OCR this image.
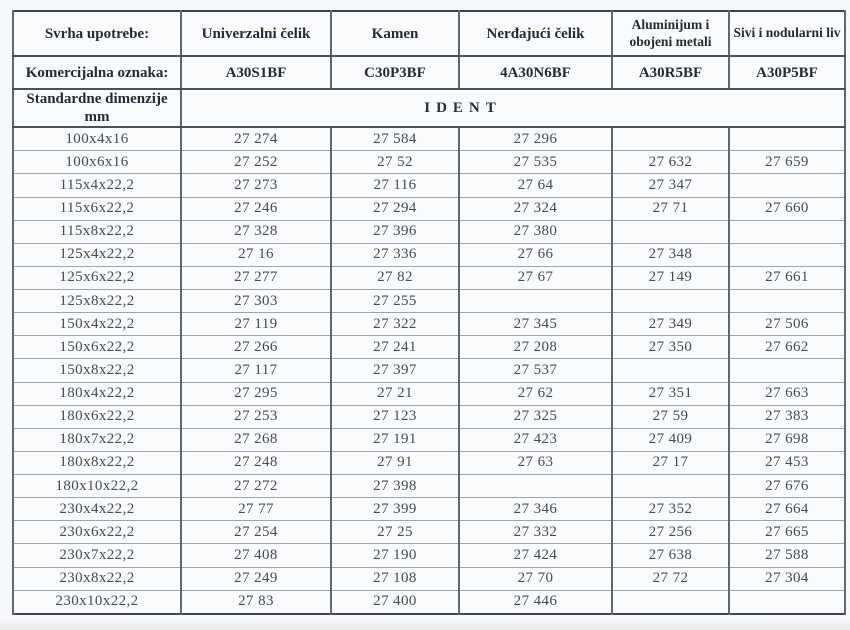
Svrha upotrebe:	Univerzalni čelik	Kamen	Nerđajući čelik	Aluminijum i obojeni metali	Sivi i nodularni liv
Komercijalna oznaka:	A30S1BF	C30P3BF	4A30N6BF	A30R5BF	A30P5BF
Standardne dimenzije mm	IDENT				
100x4x16	27 274	27 584	27 296		
100x6x16	27 252	27 52	27 535	27 632	27 659
115x4x22,2	27 273	27 116	27 64	27 347	
115x6x22,2	27 246	27 294	27 324	27 71	27 660
115x8x22,2	27 328	27 396	27 380		
125x4x22,2	27 16	27 336	27 66	27 348	
125x6x22,2	27 277	27 82	27 67	27 149	27 661
125x8x22,2	27 303	27 255			
150x4x22,2	27 119	27 322	27 345	27 349	27 506
150x6x22,2	27 266	27 241	27 208	27 350	27 662
150x8x22,2	27 117	27 397	27 537		
180x4x22,2	27 295	27 21	27 62	27 351	27 663
180x6x22,2	27 253	27 123	27 325	27 59	27 383
180x7x22,2	27 268	27 191	27 423	27 409	27 698
180x8x22,2	27 248	27 91	27 63	27 17	27 453
180x10x22,2	27 272	27 398			27 676
230x4x22,2	27 77	27 399	27 346	27 352	27 664
230x6x22,2	27 254	27 25	27 332	27 256	27 665
230x7x22,2	27 408	27 190	27 424	27 638	27 588
230x8x22,2	27 249	27 108	27 70	27 72	27 304
230x10x22,2	27 83	27 400	27 446		
